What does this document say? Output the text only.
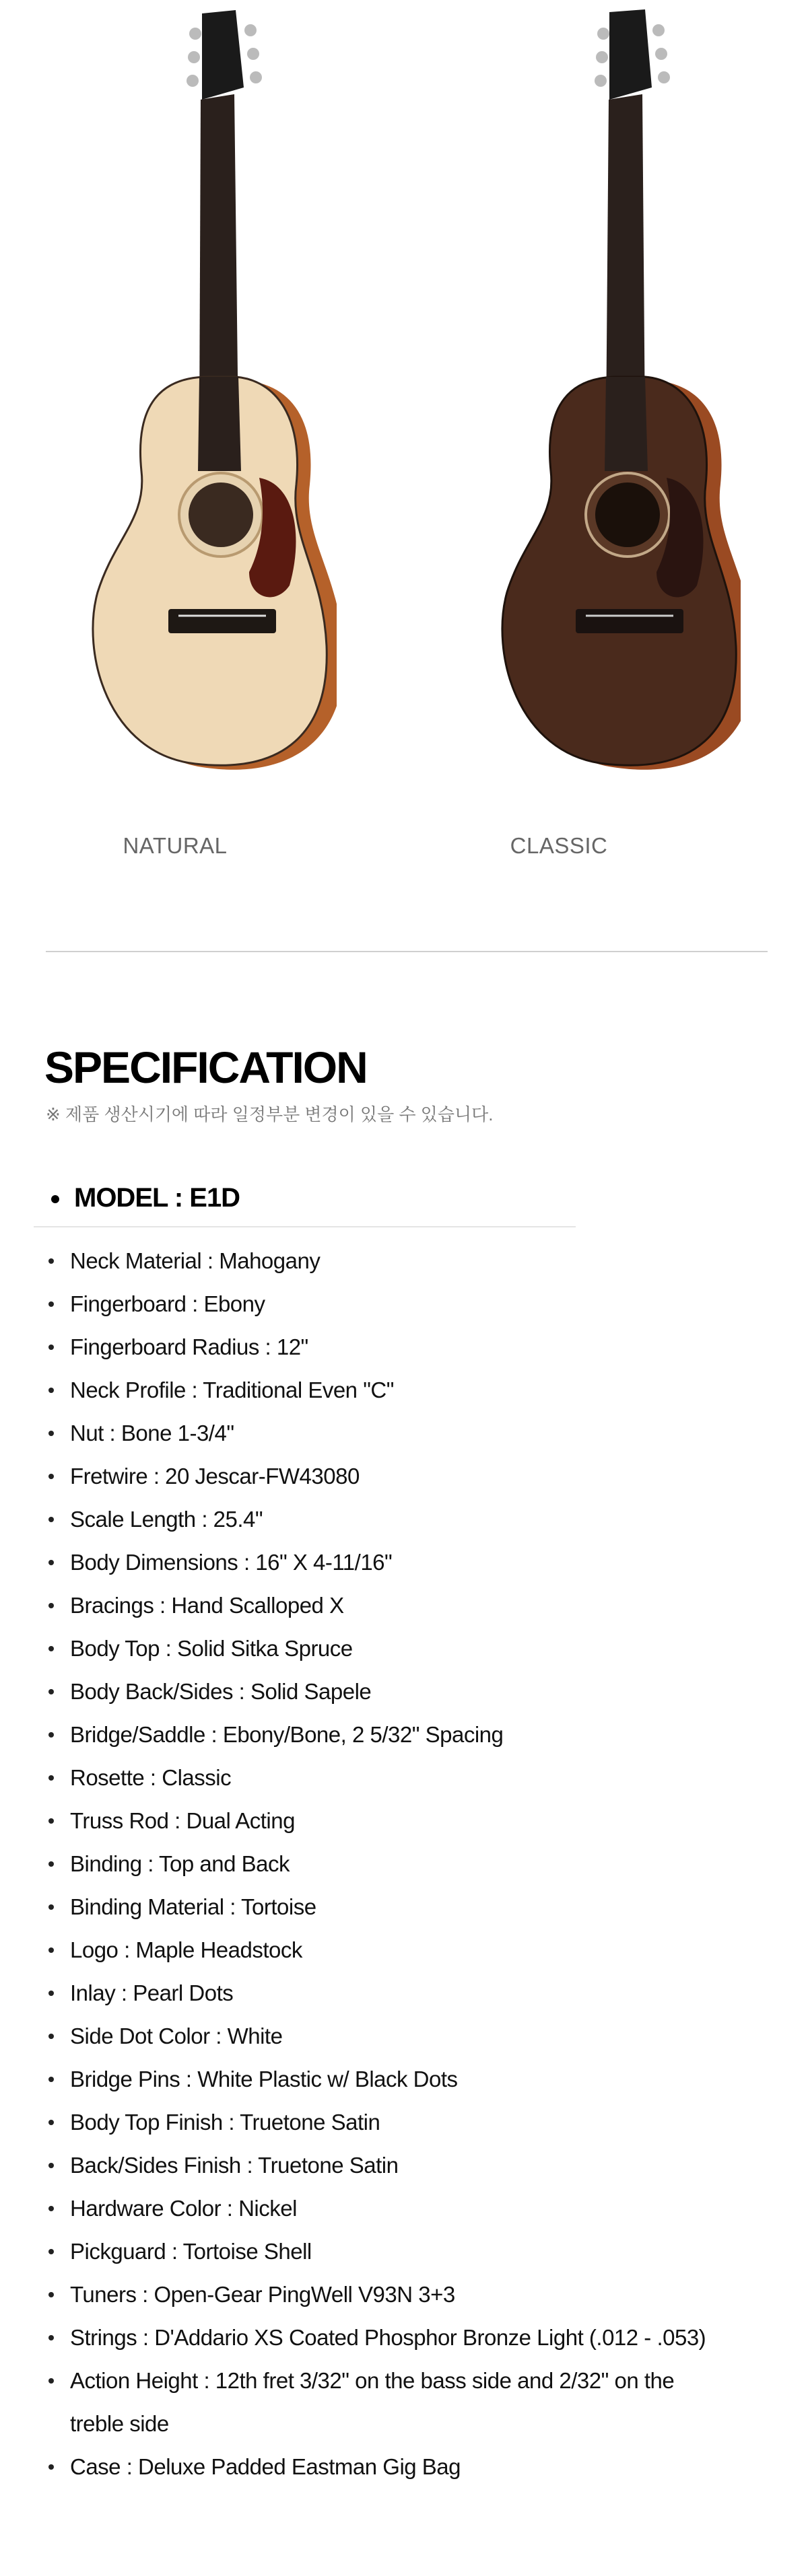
NATURAL	CLASSIC
SPECIFICATION
※ 제품 생산시기에 따라 일정부분 변경이 있을 수 있습니다.
MODEL : E1D
Neck Material : Mahogany
Fingerboard : Ebony
Fingerboard Radius : 12"
Neck Profile : Traditional Even "C"
Nut : Bone 1-3/4"
Fretwire : 20 Jescar-FW43080
Scale Length : 25.4"
Body Dimensions : 16" X 4-11/16"
Bracings : Hand Scalloped X
Body Top : Solid Sitka Spruce
Body Back/Sides : Solid Sapele
Bridge/Saddle : Ebony/Bone, 2 5/32" Spacing
Rosette : Classic
Truss Rod : Dual Acting
Binding : Top and Back
Binding Material : Tortoise
Logo : Maple Headstock
Inlay : Pearl Dots
Side Dot Color : White
Bridge Pins : White Plastic w/ Black Dots
Body Top Finish : Truetone Satin
Back/Sides Finish : Truetone Satin
Hardware Color : Nickel
Pickguard : Tortoise Shell
Tuners : Open-Gear PingWell V93N 3+3
Strings : D'Addario XS Coated Phosphor Bronze Light (.012 - .053)
Action Height : 12th fret 3/32" on the bass side and 2/32" on the treble side
Case : Deluxe Padded Eastman Gig Bag
